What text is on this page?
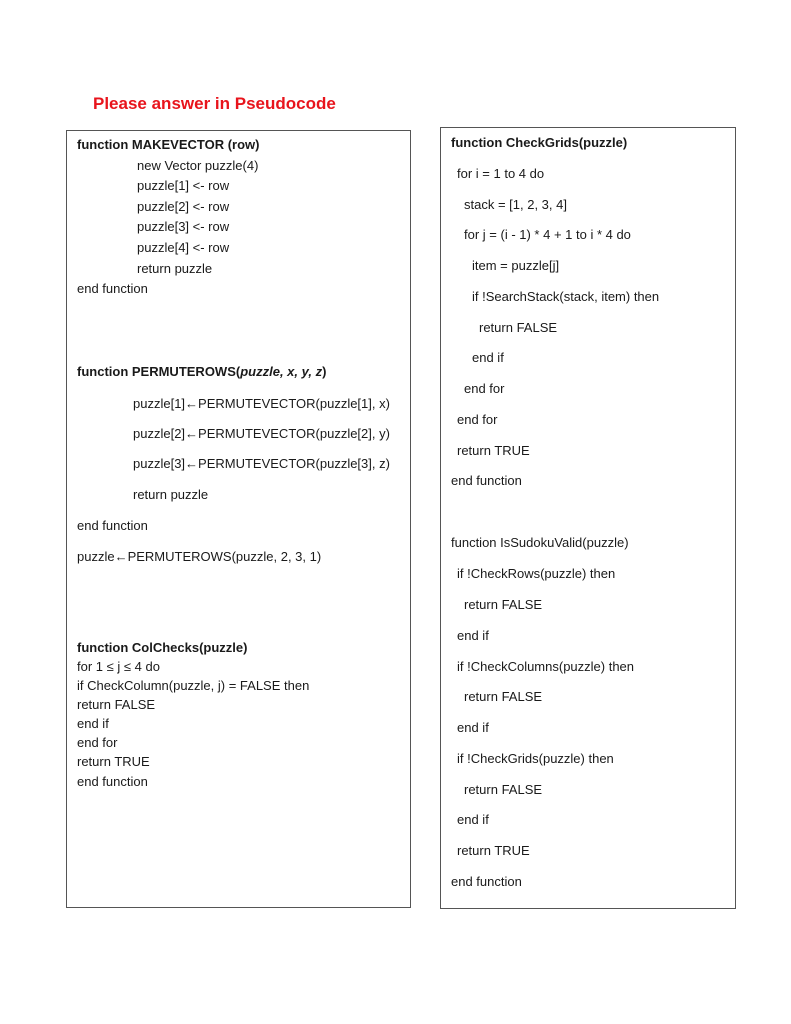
Please answer in Pseudocode
function MAKEVECTOR (row)
new Vector puzzle(4)
puzzle[1] <- row
puzzle[2] <- row
puzzle[3] <- row
puzzle[4] <- row
return puzzle
end function
function PERMUTEROWS(puzzle, x, y, z)
puzzle[1]←PERMUTEVECTOR(puzzle[1], x)
puzzle[2]←PERMUTEVECTOR(puzzle[2], y)
puzzle[3]←PERMUTEVECTOR(puzzle[3], z)
return puzzle
end function
puzzle←PERMUTEROWS(puzzle, 2, 3, 1)
function ColChecks(puzzle)
for 1 ≤ j ≤ 4 do
if CheckColumn(puzzle, j) = FALSE then
return FALSE
end if
end for
return TRUE
end function
function CheckGrids(puzzle)
for i = 1 to 4 do
stack = [1, 2, 3, 4]
for j = (i - 1) * 4 + 1 to i * 4 do
item = puzzle[j]
if !SearchStack(stack, item) then
return FALSE
end if
end for
end for
return TRUE
end function
function IsSudokuValid(puzzle)
if !CheckRows(puzzle) then
return FALSE
end if
if !CheckColumns(puzzle) then
return FALSE
end if
if !CheckGrids(puzzle) then
return FALSE
end if
return TRUE
end function
